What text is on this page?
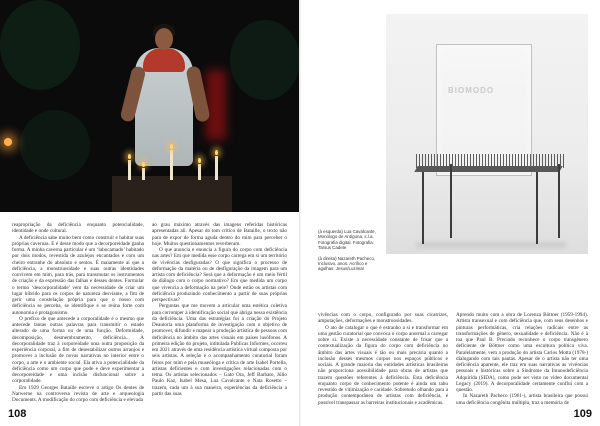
BIOMODO

(à esquerda) Lua Cavalcante, Monólogo de Antígona, s.l.a. Fotografia digital. Fotografia: Tarsus Cadete

(à direita) Nazareth Pacheco, Inclusivo, anos. Acrílico e agulhas. Jesus/Luzimar

reapropriação da deficiência enquanto potencialidade, identidade e onde cultural.

A deficiência sabe muito bem como construir e habitar suas próprias cavernas. E é desse modo que a decorporeidade ganha forma. A minha caverna particular é um ‘labocamado’ habitado por dois modos, revestida de azulejos encantados e com um cheiro entranhe do absoluto e sentos. É maiamente aí que a deficiência, a monstruosidade e suas outras identidades convivem em mim, para trás, para transmutar os instrumentos de criação e da expressão das falhas e desses dentes. Formular o termo ‘descorporalidade’ vem da necessidade de criar um lugar híbrido para os corpos de natureza desviante, a fim de gerir uma constelação própria para que o nosso com deficiência se perceba, se identifique e se reúna forte com autonomia e protagonismo.

O prefixo de que antecede a corporalidade é o mesmo que antecede tantas outras palavras para transmitir o estado alterado de uma forma ou de uma função. Deformidade, decomposição, desmembramento, deficiência... A decorporalidade traz à corporeidade uma outra proposição da experiência corporal, a fim de desestabilizar outros arranjos e promover a inclusão de novas narrativas no interior entre o corpo, a arte e o ambiente social. Ela ativa a potencialidade da deficiência como um corpo que pode e deve experimentar a decorporeidade e uma incisão disfuncional sobre a corporalidade.

Em 1929 Georges Bataille escreve o artigo Os dentes de Narwerne na controversa revista de arte e arqueologia Documents. A modificação do corpo com deficiência e elevada

ao grau máximo através das imagens referidas históricas apresentadas ali. Apesar do tom crítico de Bataille, o texto não para de expor de forma aguda dentro do mim para perceber o hoje. Muitos questionamentos reverberam.

O que anuncia e enuncia a figura do corpo com deficiência nas artes? Em que medida esse corpo carrega em si um território de vivências desfiguradas? O que significa o processo de deformação da matéria ou de desfiguração da imagem para um artista com deficiência? Será que a deformação é um meio fértil de diálogo com o corpo normativo? Em que medida um corpo que vivencia a deformação na pele? Onde estão os artistas com deficiência produzindo conhecimento a partir de suas próprias perspectivas?

Perguntas que me movem a articular uma estética coletiva para corromper à identificação social que abriga nessa existência da deficiência. Uma das estratégias foi a criação do Projeto Deautoria uma plataforma de investigação com o objetivo de promover, difundir e mapear a produção artística de pessoas com deficiência no âmbito das artes visuais em países lusófonos. A primeira edição do projeto, intitulada Publicas Informes, ocorreu em 2021 através de uma residência artística virtual composta por seis artistas. A seleção e o acompanhamento curatorial foram feitos por mim e pela museóloga e crítica de arte Isabel Portella, artistas deficientes e com investigações relacionadas com o tema. Os artistas selecionados – Gato Ora, Jeff Barbato, Júlio Paulo Kaz, Isabel Mesa, Lua Cavalcante e Nata Rosetto – trazem, cada um à sua maneira, experiências da deficiência a partir das suas

vivências com o corpo, configurado por suas cicatrizes, amputações, deformações e monstruosidades.

O ato de catalogar o que é estranho a si e transformar em uma gestão curatorial que convoca o corpo anormal a carregar sobre si. Existe a necessidade constante de frisar que a contextualização da figura do corpo com deficiência no âmbito das artes visuais é tão ou mais precária quanto a inclusão desses mesmos corpos nos espaços públicos e sociais. A grande maioria das entidades artísticas brasileiras não proporciona acessibilidade para obras de artistas que trazem questões referentes à deficiência. Esta deficiência enquanto corpo de conhecimento potente é ainda um tabu revestido de vitimização e caridade. Sobretudo olhando para a produção contemporânea de artistas com deficiência, é possível transpassar as barreiras institucionais e acadêmicas.

Aprendo muito com a obra de Lorenza Böttner (1959-1994). Artista transexual e com deficiência que, com seus desenhos e pinturas performáticas, cria relações radicais entre as transformações de gênero, sexualidade e deficiência. Não é à toa que Paul B. Preciado reconhece o corpo transgênero deficiente de Böttner como uma escultura política viva. Paralelamente, vem a produção do artista Carlos Motta (1978-) dialogando com tais pautas. Apesar de o artista não ter uma deficiência aparente, ele traz em suas narrativas as vivências pessoais e históricas sobre a Síndrome da Imunodeficiência Adquirida (SIDA), como pode ser visto no vídeo documental Legacy (2019). A decorporalidade certamente confluí com a questão.

In Nazareth Pacheco (1961-), artista brasileira que possui uma deficiência congênita múltipla, traz a memória de

108	109
